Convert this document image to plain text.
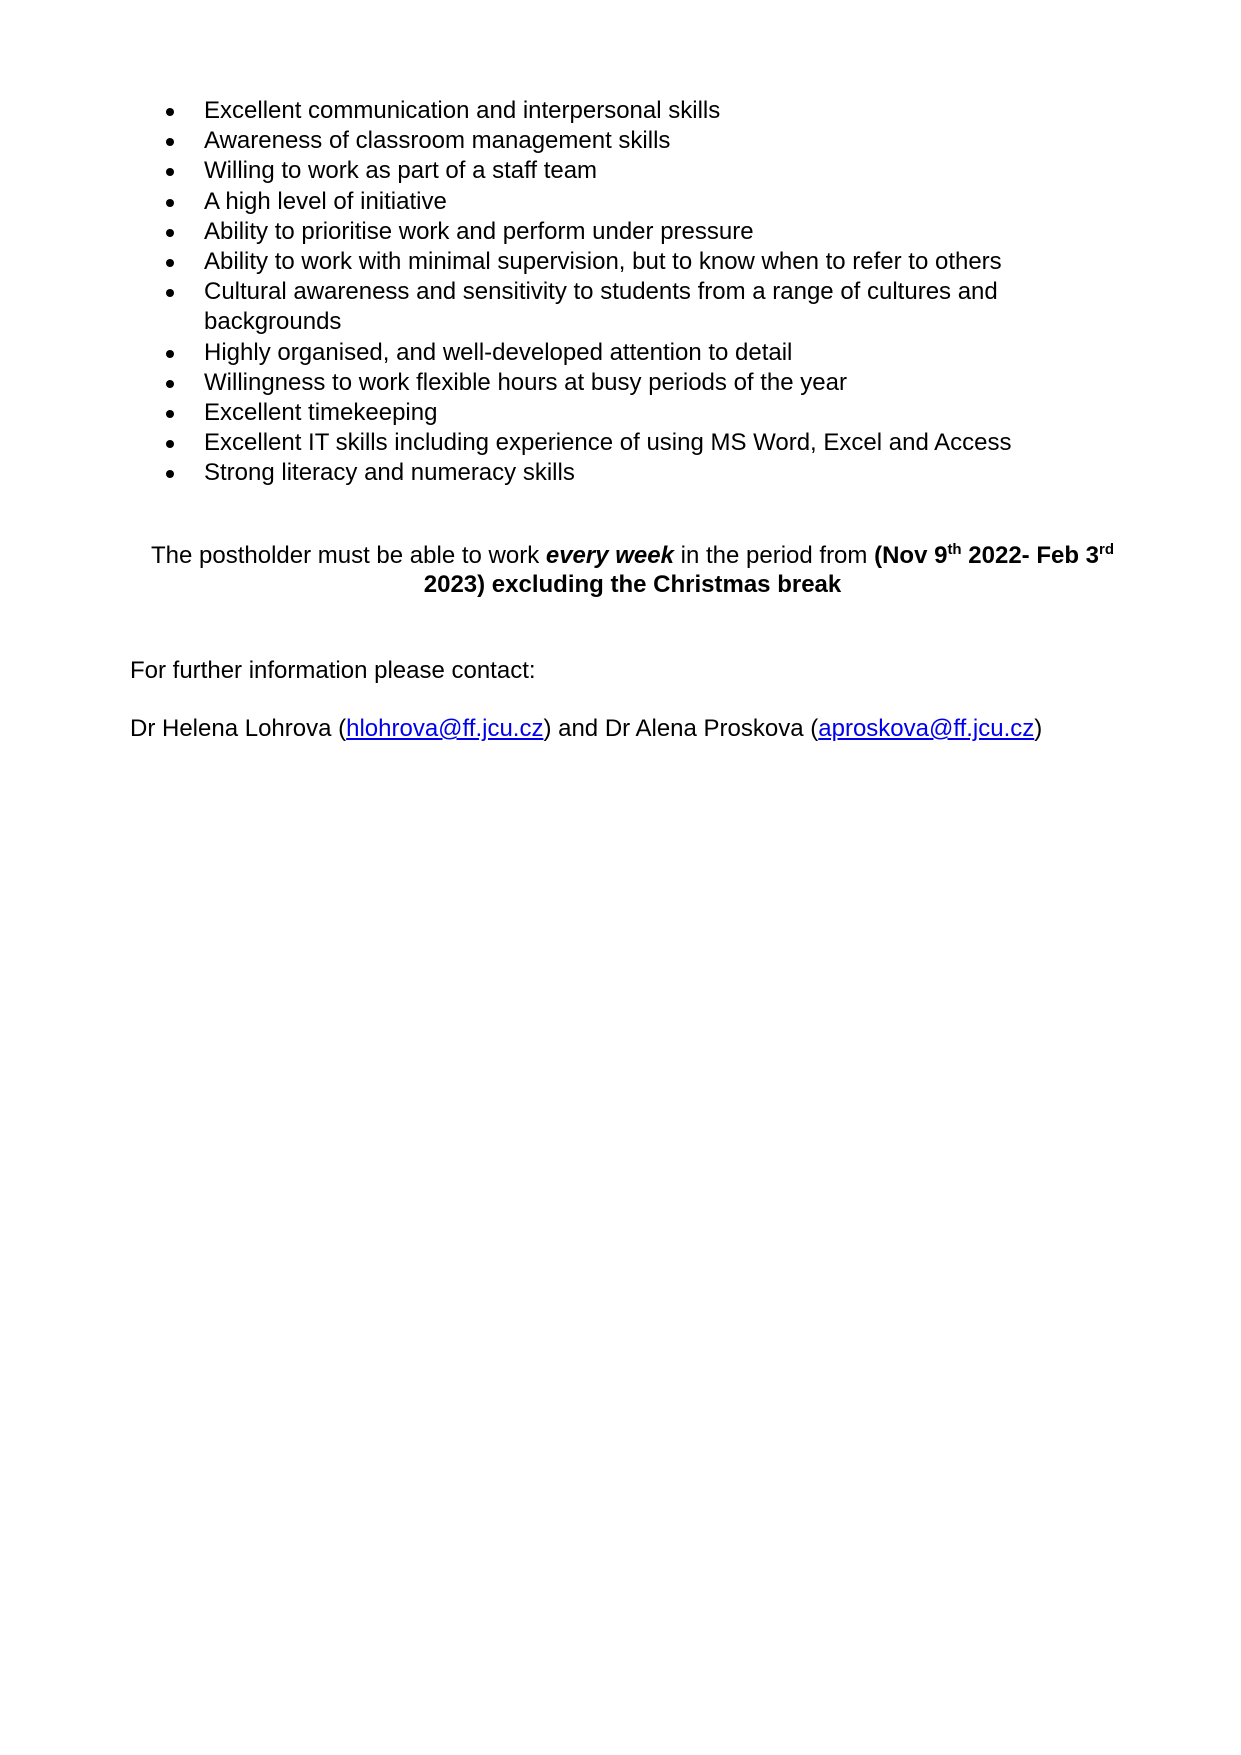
Excellent communication and interpersonal skills
Awareness of classroom management skills
Willing to work as part of a staff team
A high level of initiative
Ability to prioritise work and perform under pressure
Ability to work with minimal supervision, but to know when to refer to others
Cultural awareness and sensitivity to students from a range of cultures and backgrounds
Highly organised, and well-developed attention to detail
Willingness to work flexible hours at busy periods of the year
Excellent timekeeping
Excellent IT skills including experience of using MS Word, Excel and Access
Strong literacy and numeracy skills

The postholder must be able to work every week in the period from (Nov 9th 2022- Feb 3rd 2023) excluding the Christmas break

For further information please contact:

Dr Helena Lohrova (hlohrova@ff.jcu.cz) and Dr Alena Proskova (aproskova@ff.jcu.cz)
